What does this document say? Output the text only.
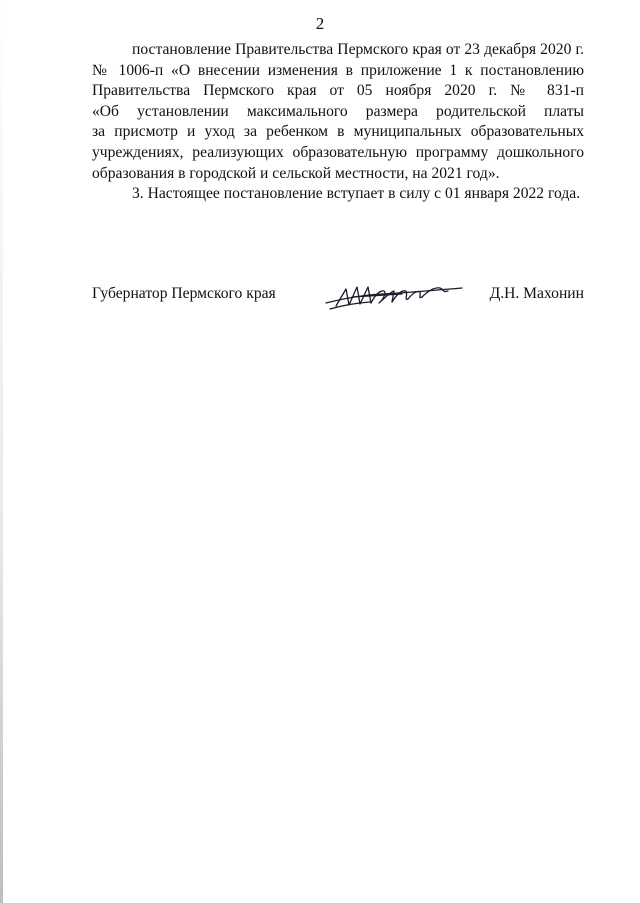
2
постановление Правительства Пермского края от 23 декабря 2020 г.
№ 1006-п «О внесении изменения в приложение 1 к постановлению
Правительства Пермского края от 05 ноября 2020 г. № 831-п
«Об установлении максимального размера родительской платы
за присмотр и уход за ребенком в муниципальных образовательных
учреждениях, реализующих образовательную программу дошкольного
образования в городской и сельской местности, на 2021 год».
3. Настоящее постановление вступает в силу с 01 января 2022 года.
Губернатор Пермского края	Д.Н. Махонин
